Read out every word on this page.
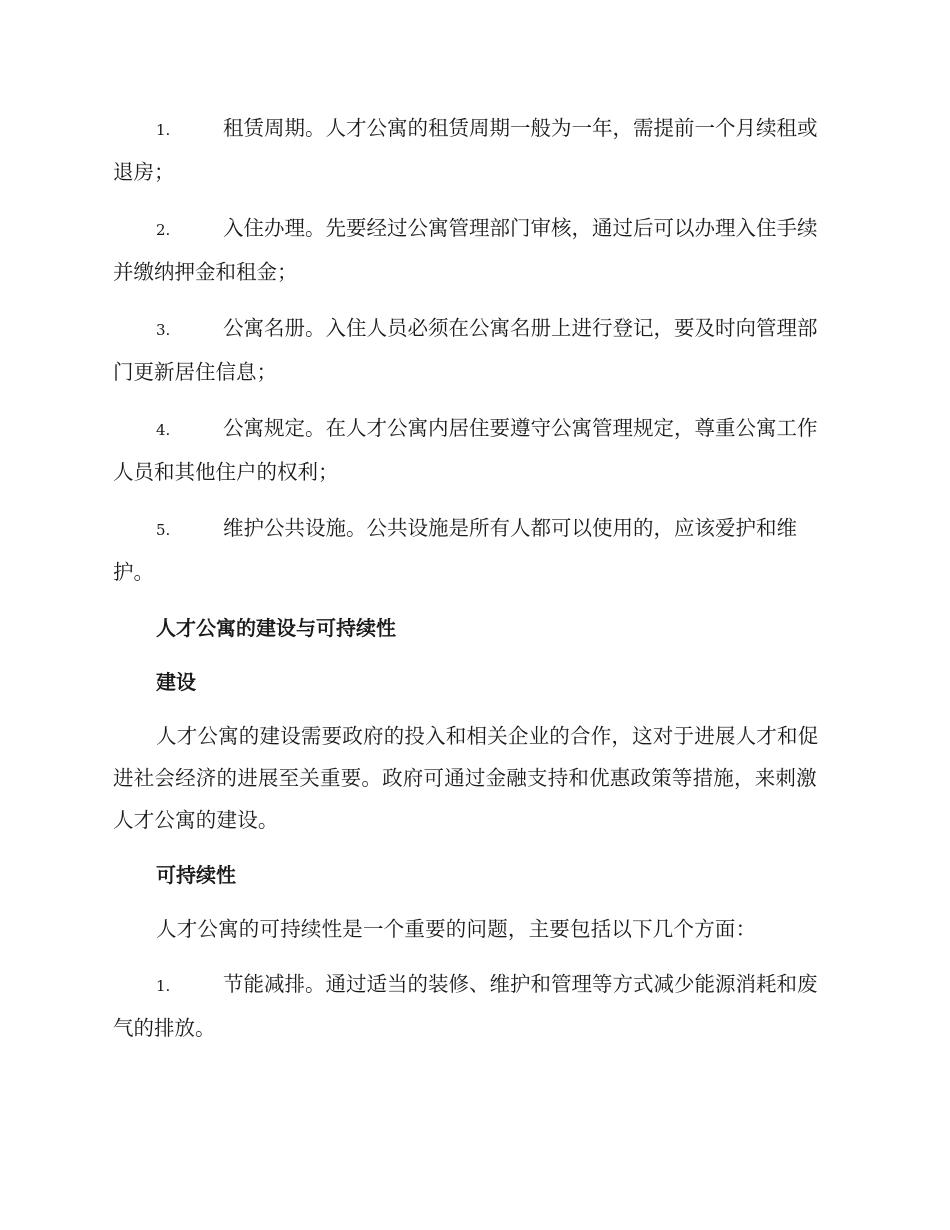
1.	租赁周期。人才公寓的租赁周期一般为一年，需提前一个月续租或退房；

2.	入住办理。先要经过公寓管理部门审核，通过后可以办理入住手续并缴纳押金和租金；

3.	公寓名册。入住人员必须在公寓名册上进行登记，要及时向管理部门更新居住信息；

4.	公寓规定。在人才公寓内居住要遵守公寓管理规定，尊重公寓工作人员和其他住户的权利；

5.	维护公共设施。公共设施是所有人都可以使用的，应该爱护和维护。

人才公寓的建设与可持续性
建设

人才公寓的建设需要政府的投入和相关企业的合作，这对于进展人才和促进社会经济的进展至关重要。政府可通过金融支持和优惠政策等措施，来刺激人才公寓的建设。

可持续性

人才公寓的可持续性是一个重要的问题，主要包括以下几个方面：

1.	节能减排。通过适当的装修、维护和管理等方式减少能源消耗和废气的排放。
